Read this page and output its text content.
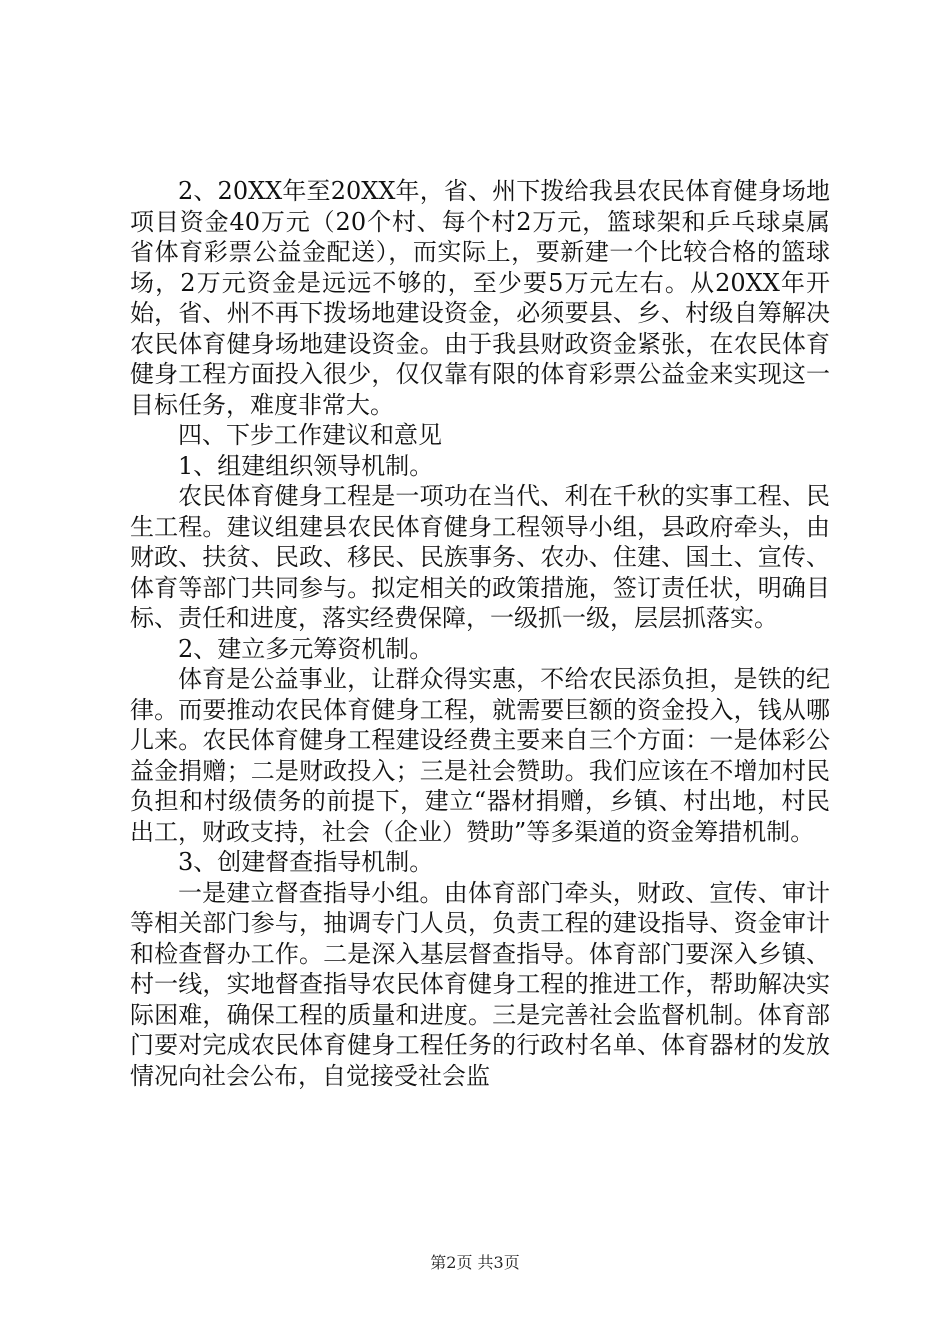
2、20XX年至20XX年，省、州下拨给我县农民体育健身场地项目资金40万元（20个村、每个村2万元，篮球架和乒乓球桌属省体育彩票公益金配送），而实际上，要新建一个比较合格的篮球场，2万元资金是远远不够的，至少要5万元左右。从20XX年开始，省、州不再下拨场地建设资金，必须要县、乡、村级自筹解决农民体育健身场地建设资金。由于我县财政资金紧张，在农民体育健身工程方面投入很少，仅仅靠有限的体育彩票公益金来实现这一目标任务，难度非常大。

四、下步工作建议和意见

1、组建组织领导机制。

农民体育健身工程是一项功在当代、利在千秋的实事工程、民生工程。建议组建县农民体育健身工程领导小组，县政府牵头，由财政、扶贫、民政、移民、民族事务、农办、住建、国土、宣传、体育等部门共同参与。拟定相关的政策措施，签订责任状，明确目标、责任和进度，落实经费保障，一级抓一级，层层抓落实。

2、建立多元筹资机制。

体育是公益事业，让群众得实惠，不给农民添负担，是铁的纪律。而要推动农民体育健身工程，就需要巨额的资金投入，钱从哪儿来。农民体育健身工程建设经费主要来自三个方面：一是体彩公益金捐赠；二是财政投入；三是社会赞助。我们应该在不增加村民负担和村级债务的前提下，建立“器材捐赠，乡镇、村出地，村民出工，财政支持，社会（企业）赞助”等多渠道的资金筹措机制。

3、创建督查指导机制。

一是建立督查指导小组。由体育部门牵头，财政、宣传、审计等相关部门参与，抽调专门人员，负责工程的建设指导、资金审计和检查督办工作。二是深入基层督查指导。体育部门要深入乡镇、村一线，实地督查指导农民体育健身工程的推进工作，帮助解决实际困难，确保工程的质量和进度。三是完善社会监督机制。体育部门要对完成农民体育健身工程任务的行政村名单、体育器材的发放情况向社会公布，自觉接受社会监

第2页 共3页
